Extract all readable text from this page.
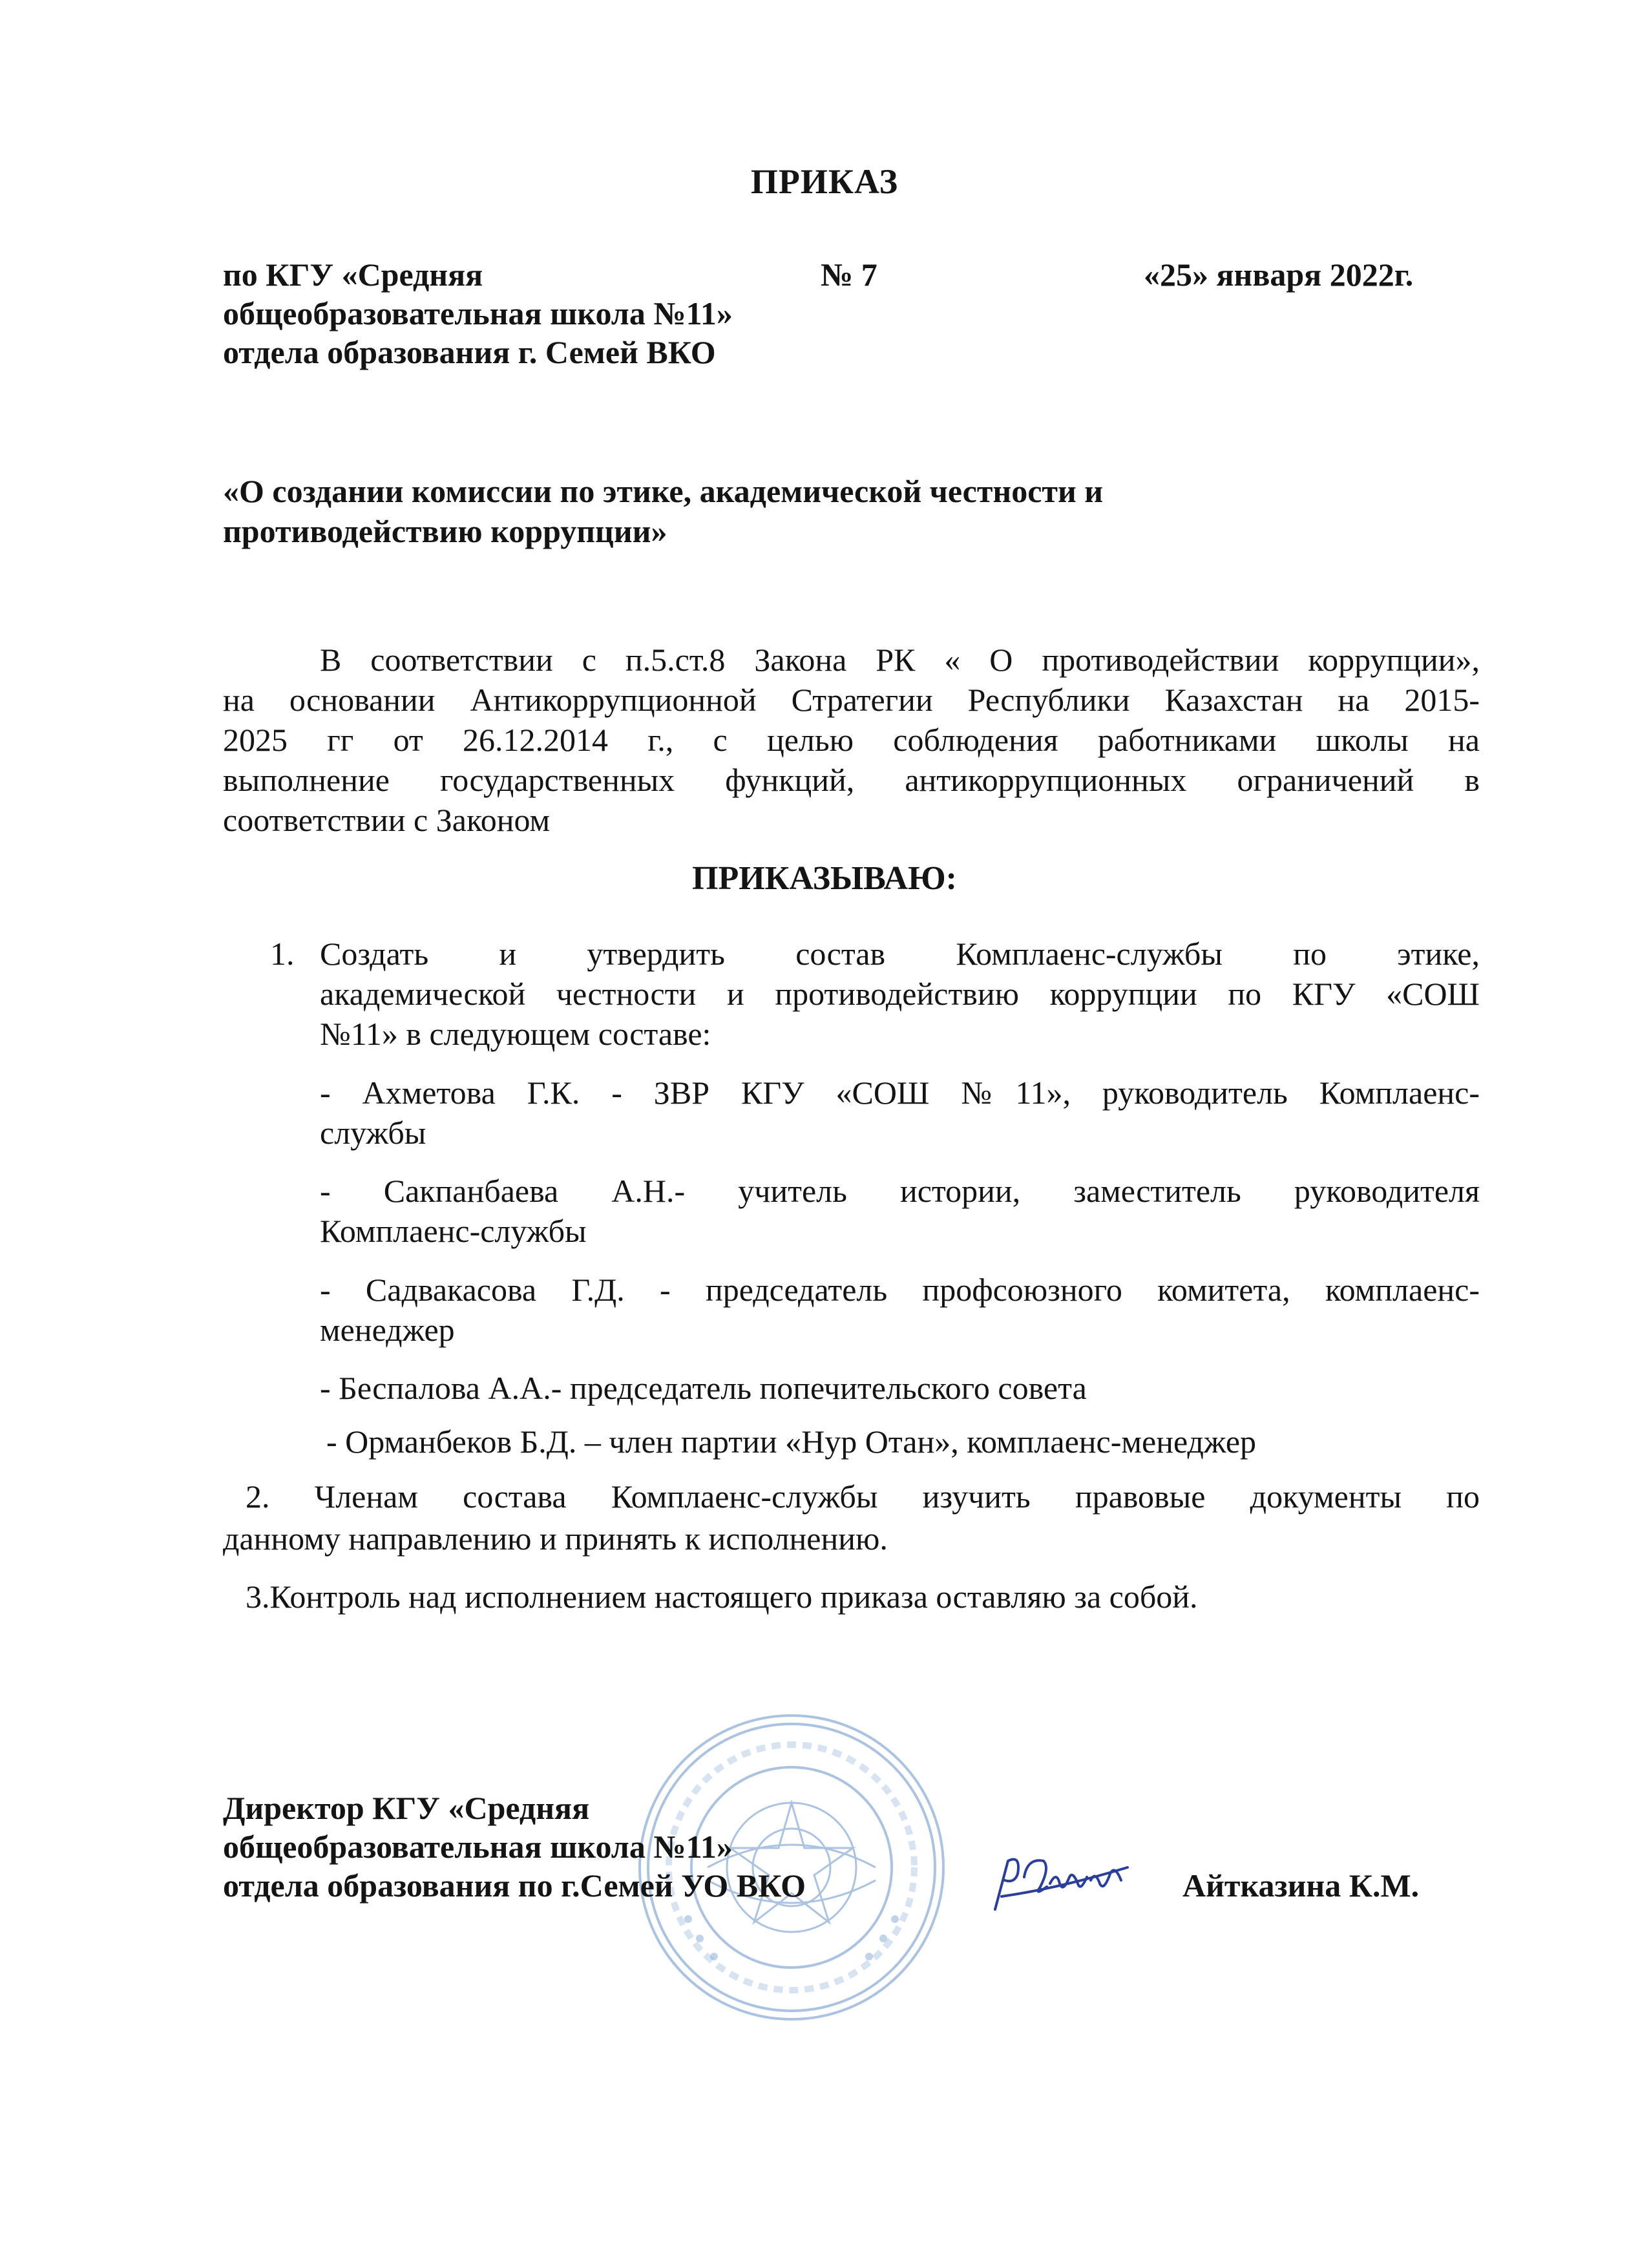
ПРИКАЗ
по КГУ «Средняя
общеобразовательная школа №11»
отдела образования г. Семей ВКО
№ 7	«25» января 2022г.
«О создании комиссии по этике, академической честности и
противодействию коррупции»
В соответствии с п.5.ст.8 Закона РК « О противодействии коррупции»,
на основании Антикоррупционной Стратегии Республики Казахстан на 2015-
2025 гг от 26.12.2014 г., с целью соблюдения работниками школы на
выполнение государственных функций, антикоррупционных ограничений в
соответствии с Законом
ПРИКАЗЫВАЮ:
1. Создать и утвердить состав Комплаенс-службы по этике,
академической честности и противодействию коррупции по КГУ «СОШ
№11» в следующем составе:
- Ахметова Г.К. - ЗВР КГУ «СОШ №11», руководитель Комплаенс-
службы
- Сакпанбаева А.Н.- учитель истории, заместитель руководителя
Комплаенс-службы
- Садвакасова Г.Д. - председатель профсоюзного комитета, комплаенс-
менеджер
- Беспалова А.А.- председатель попечительского совета
- Орманбеков Б.Д. – член партии «Нур Отан», комплаенс-менеджер
2. Членам состава Комплаенс-службы изучить правовые документы по
данному направлению и принять к исполнению.
3.Контроль над исполнением настоящего приказа оставляю за собой.
Директор КГУ «Средняя
общеобразовательная школа №11»
отдела образования по г.Семей УО ВКО	Айтказина К.М.
